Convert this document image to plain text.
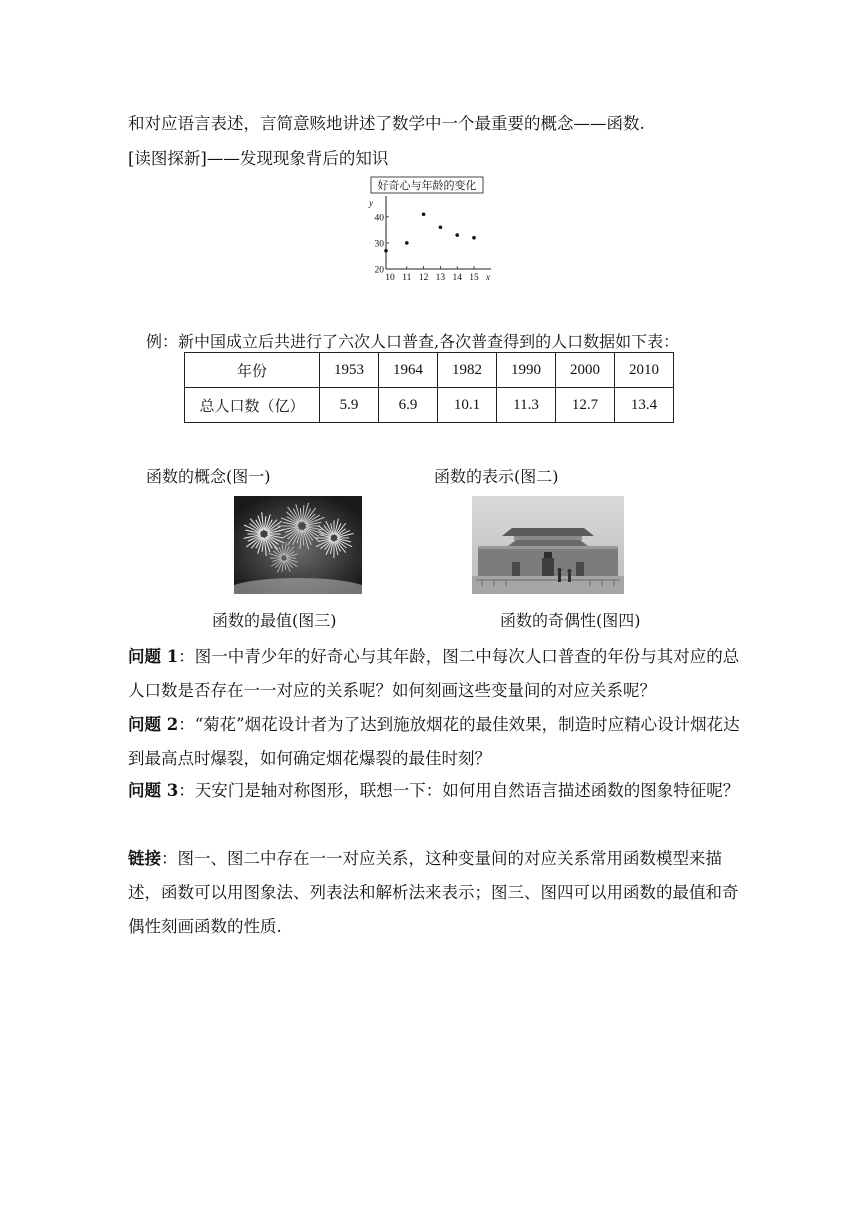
和对应语言表述，言简意赅地讲述了数学中一个最重要的概念——函数.
[读图探新]——发现现象背后的知识
好奇心与年龄的变化
y
x
10 11 12 13 14 15
20
30
40
例：新中国成立后共进行了六次人口普查,各次普查得到的人口数据如下表：
年份	1953	1964	1982	1990	2000	2010
总人口数（亿）	5.9	6.9	10.1	11.3	12.7	13.4
函数的概念(图一)	函数的表示(图二)
函数的最值(图三)	函数的奇偶性(图四)
问题 1：图一中青少年的好奇心与其年龄，图二中每次人口普查的年份与其对应的总人口数是否存在一一对应的关系呢？如何刻画这些变量间的对应关系呢？
问题 2：“菊花”烟花设计者为了达到施放烟花的最佳效果，制造时应精心设计烟花达到最高点时爆裂，如何确定烟花爆裂的最佳时刻？
问题 3：天安门是轴对称图形，联想一下：如何用自然语言描述函数的图象特征呢？
链接：图一、图二中存在一一对应关系，这种变量间的对应关系常用函数模型来描述，函数可以用图象法、列表法和解析法来表示；图三、图四可以用函数的最值和奇偶性刻画函数的性质.
